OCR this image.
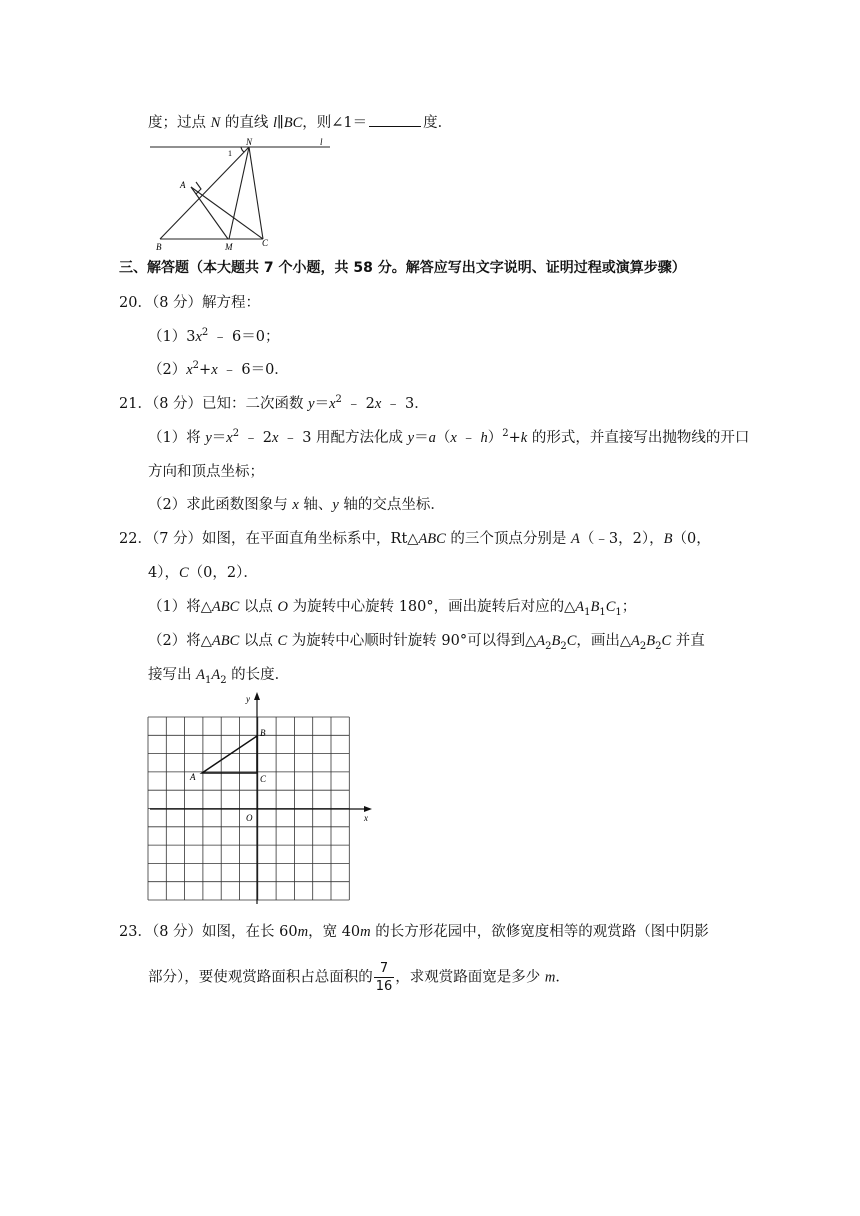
度；过点 N 的直线 l∥BC，则∠1＝	度．
N	l
1
A
B	M	C
三、解答题（本大题共 7 个小题，共 58 分。解答应写出文字说明、证明过程或演算步骤）
20．（8 分）解方程：
$(1)3x^2$ ﹣ 6＝0；
$(2)x^2+x$ ﹣ 6＝0．
21．（8 分）已知：二次函数 $y=x^2$ ﹣ 2x ﹣ 3．
（1）将 $y=x^2$ ﹣ 2x ﹣ 3 用配方法化成 y＝a（x ﹣ h）$^2$+k 的形式，并直接写出抛物线的开口
方向和顶点坐标；
（2）求此函数图象与 x 轴、y 轴的交点坐标．
22．（7 分）如图，在平面直角坐标系中，Rt△ABC 的三个顶点分别是 A（﹣3，2），B（0，
4），C（0，2）．
（1）将△ABC 以点 O 为旋转中心旋转 180°，画出旋转后对应的$\triangle A_1B_1C_1$；
（2）将△ABC 以点 C 为旋转中心顺时针旋转 90°可以得到$\triangle A_2B_2C$，画出$\triangle A_2B_2C$ 并直
接写出 $A_1A_2$ 的长度．
y
x
O
A
B
C
23．（8 分）如图，在长 60m，宽 40m 的长方形花园中，欲修宽度相等的观赏路（图中阴影
部分），要使观赏路面积占总面积的 $\frac{7}{16}$ ，求观赏路面宽是多少 m．
